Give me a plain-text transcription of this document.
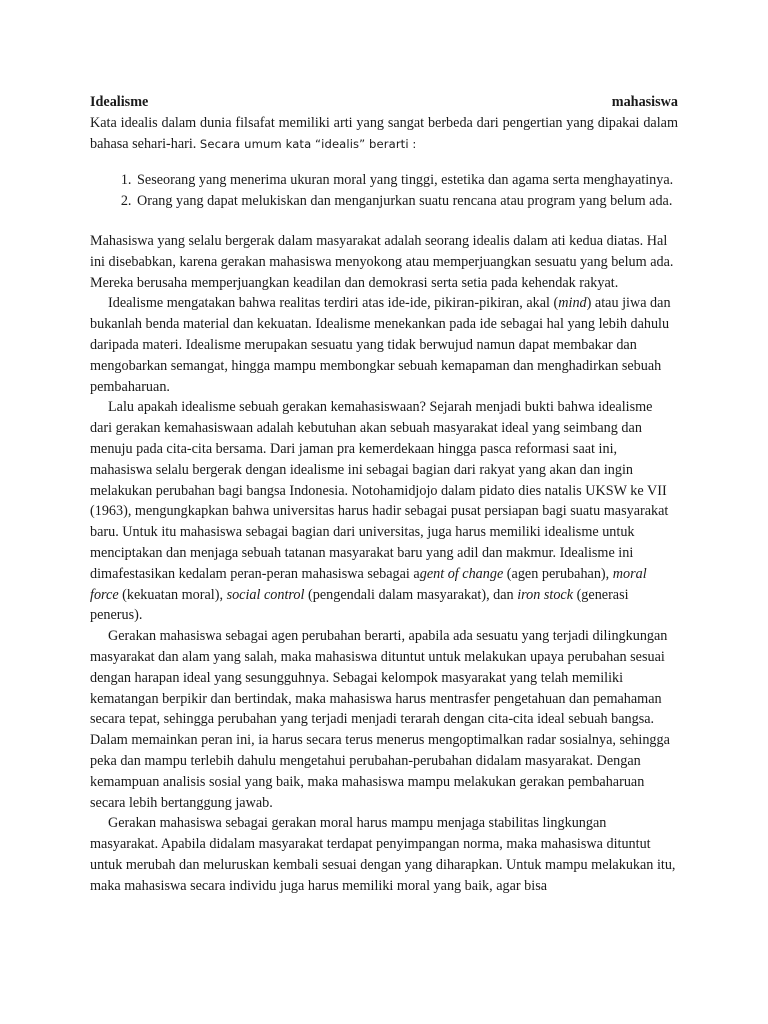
Idealisme	mahasiswa

Kata idealis dalam dunia filsafat memiliki arti yang sangat berbeda dari pengertian yang dipakai dalam bahasa sehari-hari. Secara umum kata “idealis” berarti :

1. Seseorang yang menerima ukuran moral yang tinggi, estetika dan agama serta menghayatinya.
2. Orang yang dapat melukiskan dan menganjurkan suatu rencana atau program yang belum ada.

Mahasiswa yang selalu bergerak dalam masyarakat adalah seorang idealis dalam ati kedua diatas. Hal ini disebabkan, karena gerakan mahasiswa menyokong atau memperjuangkan sesuatu yang belum ada. Mereka berusaha memperjuangkan keadilan dan demokrasi serta setia pada kehendak rakyat.

Idealisme mengatakan bahwa realitas terdiri atas ide-ide, pikiran-pikiran, akal (mind) atau jiwa dan bukanlah benda material dan kekuatan. Idealisme menekankan pada ide sebagai hal yang lebih dahulu daripada materi. Idealisme merupakan sesuatu yang tidak berwujud namun dapat membakar dan mengobarkan semangat, hingga mampu membongkar sebuah kemapaman dan menghadirkan sebuah pembaharuan.

Lalu apakah idealisme sebuah gerakan kemahasiswaan? Sejarah menjadi bukti bahwa idealisme dari gerakan kemahasiswaan adalah kebutuhan akan sebuah masyarakat ideal yang seimbang dan menuju pada cita-cita bersama. Dari jaman pra kemerdekaan hingga pasca reformasi saat ini, mahasiswa selalu bergerak dengan idealisme ini sebagai bagian dari rakyat yang akan dan ingin melakukan perubahan bagi bangsa Indonesia. Notohamidjojo dalam pidato dies natalis UKSW ke VII (1963), mengungkapkan bahwa universitas harus hadir sebagai pusat persiapan bagi suatu masyarakat baru. Untuk itu mahasiswa sebagai bagian dari universitas, juga harus memiliki idealisme untuk menciptakan dan menjaga sebuah tatanan masyarakat baru yang adil dan makmur. Idealisme ini dimafestasikan kedalam peran-peran mahasiswa sebagai agent of change (agen perubahan), moral force (kekuatan moral), social control (pengendali dalam masyarakat), dan iron stock (generasi penerus).

Gerakan mahasiswa sebagai agen perubahan berarti, apabila ada sesuatu yang terjadi dilingkungan masyarakat dan alam yang salah, maka mahasiswa dituntut untuk melakukan upaya perubahan sesuai dengan harapan ideal yang sesungguhnya. Sebagai kelompok masyarakat yang telah memiliki kematangan berpikir dan bertindak, maka mahasiswa harus mentrasfer pengetahuan dan pemahaman secara tepat, sehingga perubahan yang terjadi menjadi terarah dengan cita-cita ideal sebuah bangsa. Dalam memainkan peran ini, ia harus secara terus menerus mengoptimalkan radar sosialnya, sehingga peka dan mampu terlebih dahulu mengetahui perubahan-perubahan didalam masyarakat. Dengan kemampuan analisis sosial yang baik, maka mahasiswa mampu melakukan gerakan pembaharuan secara lebih bertanggung jawab.

Gerakan mahasiswa sebagai gerakan moral harus mampu menjaga stabilitas lingkungan masyarakat. Apabila didalam masyarakat terdapat penyimpangan norma, maka mahasiswa dituntut untuk merubah dan meluruskan kembali sesuai dengan yang diharapkan. Untuk mampu melakukan itu, maka mahasiswa secara individu juga harus memiliki moral yang baik, agar bisa
